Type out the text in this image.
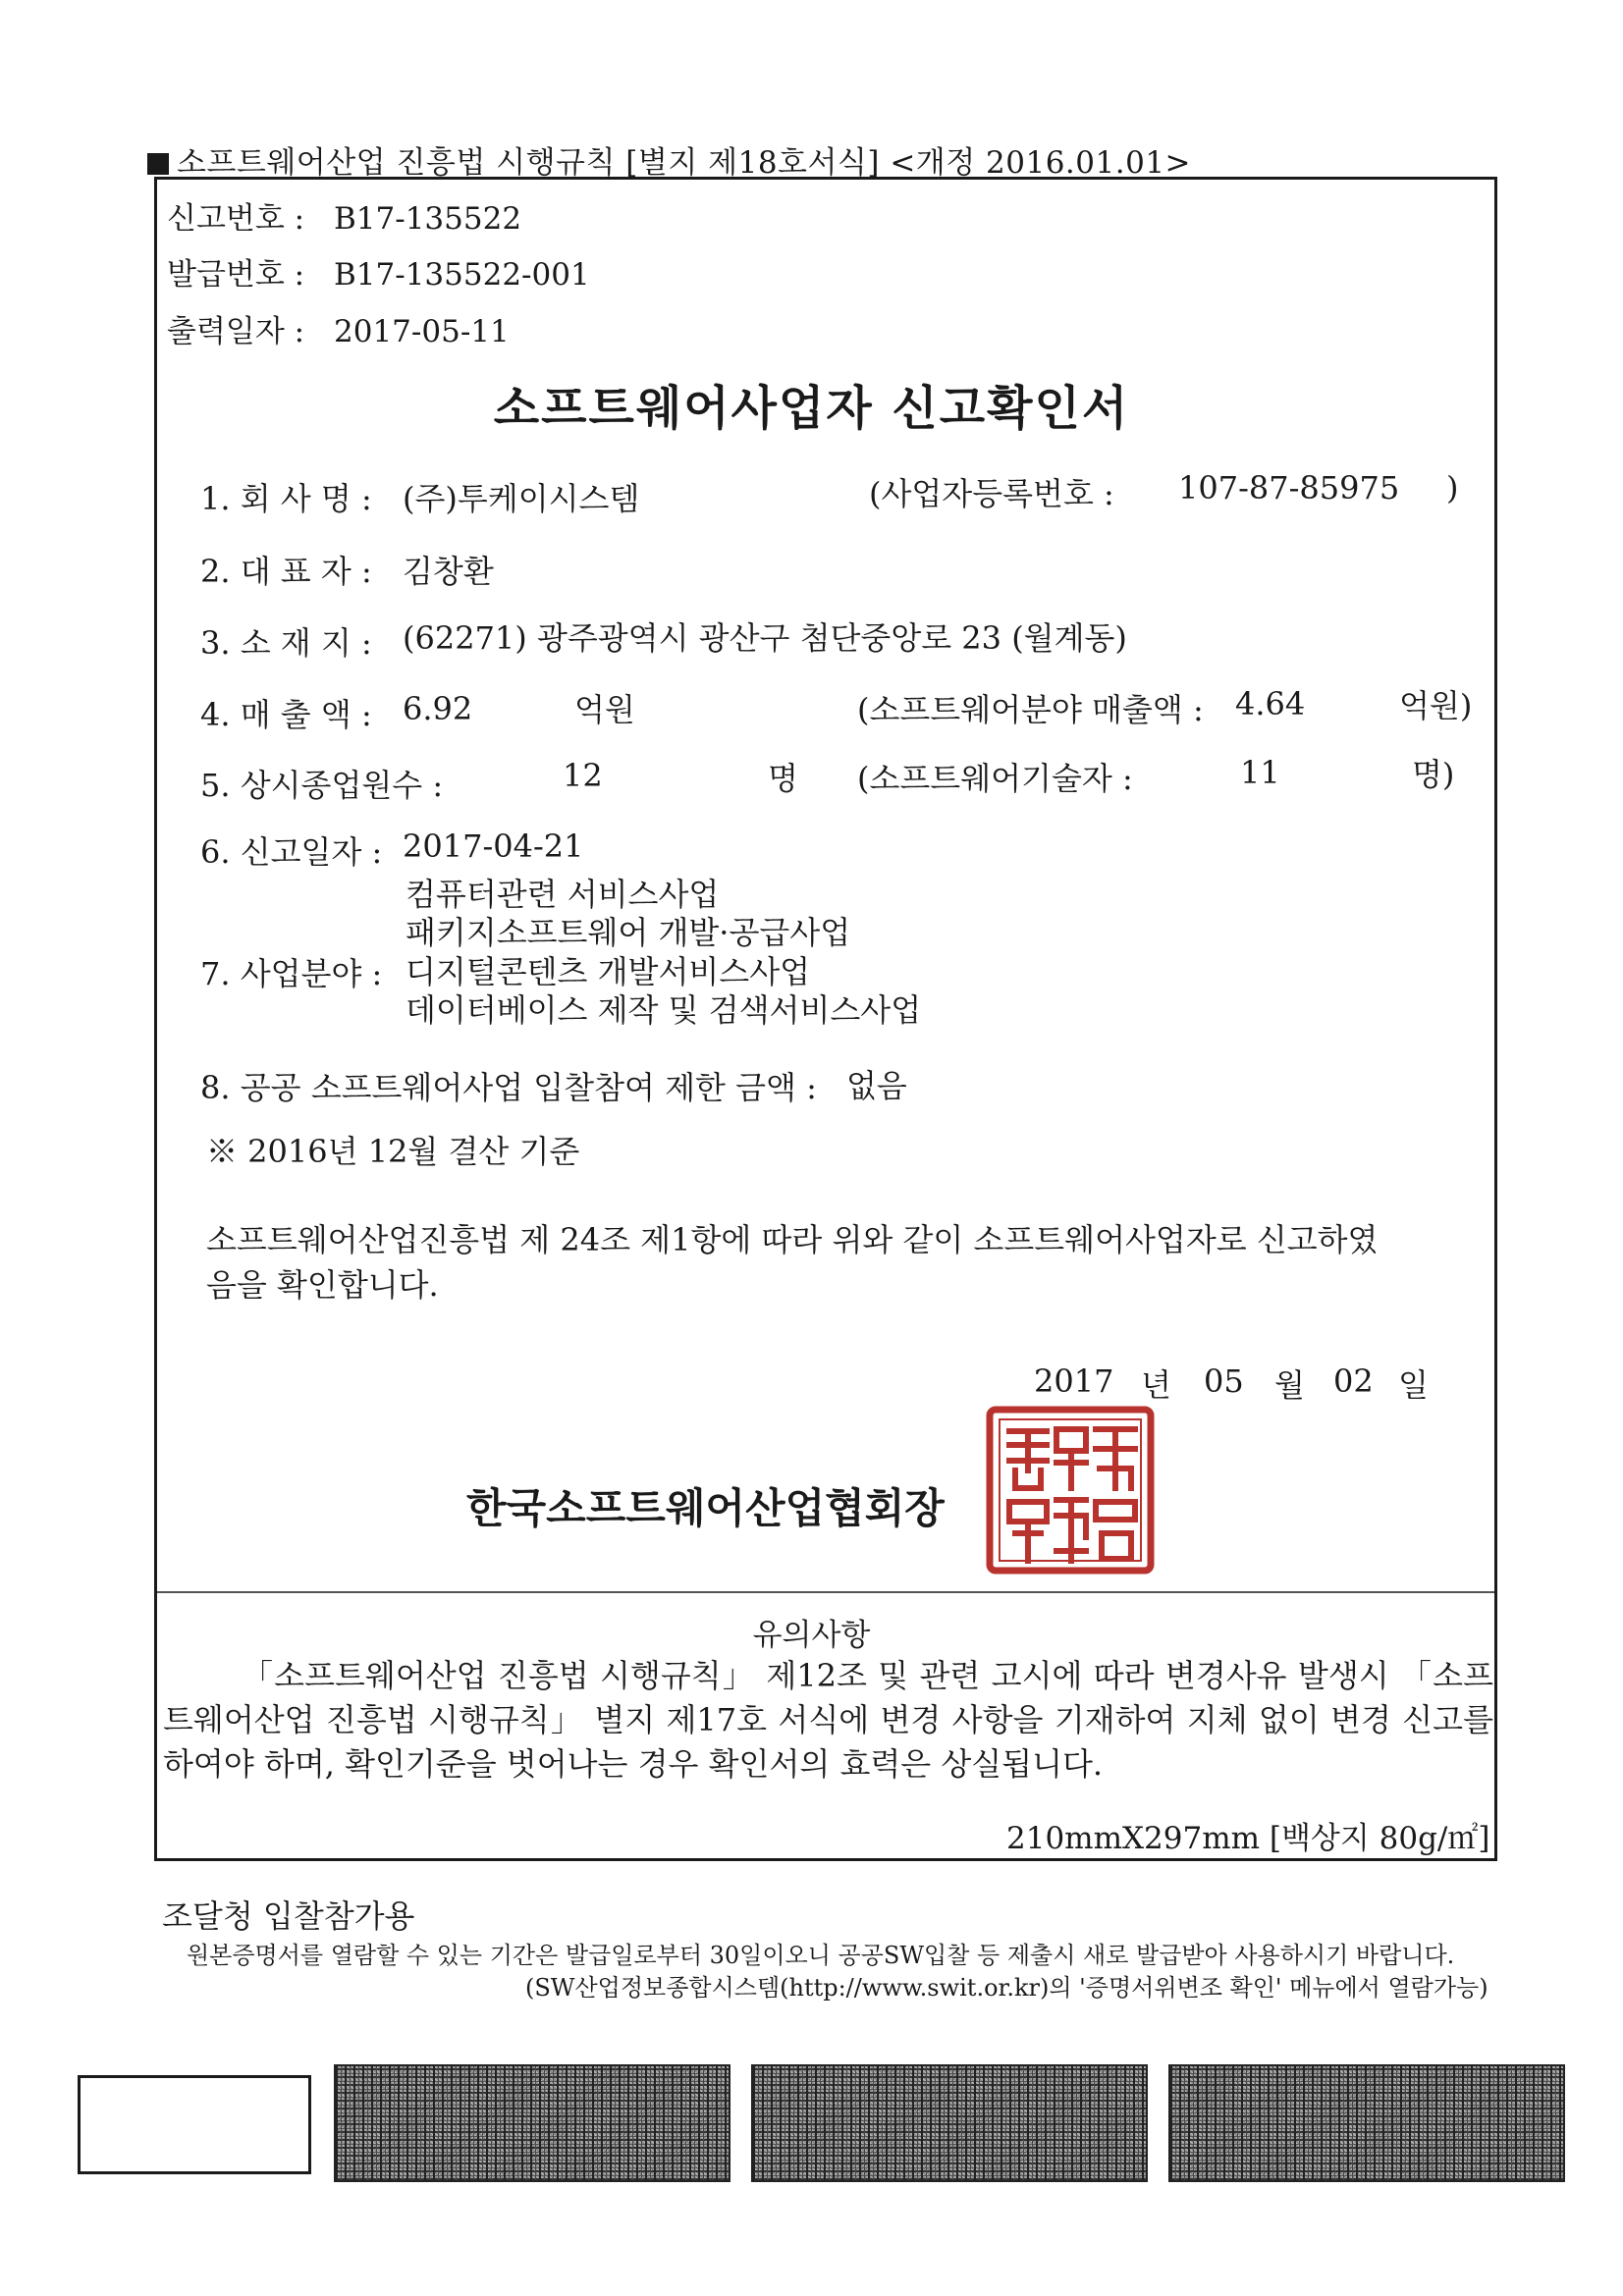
소프트웨어산업 진흥법 시행규칙 [별지 제18호서식] <개정 2016.01.01>
신고번호 : B17-135522
발급번호 : B17-135522-001
출력일자 : 2017-05-11
소프트웨어사업자 신고확인서
1. 회 사 명 : (주)투케이시스템	(사업자등록번호 : 107-87-85975 )
2. 대 표 자 : 김창환
3. 소 재 지 : (62271) 광주광역시 광산구 첨단중앙로 23 (월계동)
4. 매 출 액 : 6.92	억원	(소프트웨어분야 매출액 : 4.64	억원)
5. 상시종업원수 :	12	명 (소프트웨어기술자 :	11	명)
6. 신고일자 : 2017-04-21
7. 사업분야 :
컴퓨터관련 서비스사업
패키지소프트웨어 개발·공급사업
디지털콘텐츠 개발서비스사업
데이터베이스 제작 및 검색서비스사업
8. 공공 소프트웨어사업 입찰참여 제한 금액 : 없음
※ 2016년 12월 결산 기준
소프트웨어산업진흥법 제 24조 제1항에 따라 위와 같이 소프트웨어사업자로 신고하였
음을 확인합니다.
2017 년 05 월 02 일
한국소프트웨어산업협회장
유의사항
「소프트웨어산업 진흥법 시행규칙」 제12조 및 관련 고시에 따라 변경사유 발생시 「소프트웨어산업 진흥법 시행규칙」 별지 제17호 서식에 변경 사항을 기재하여 지체 없이 변경 신고를 하여야 하며, 확인기준을 벗어나는 경우 확인서의 효력은 상실됩니다.
210mmX297mm [백상지 80g/㎡]
조달청 입찰참가용
원본증명서를 열람할 수 있는 기간은 발급일로부터 30일이오니 공공SW입찰 등 제출시 새로 발급받아 사용하시기 바랍니다.
(SW산업정보종합시스템(http://www.swit.or.kr)의 '증명서위변조 확인' 메뉴에서 열람가능)
